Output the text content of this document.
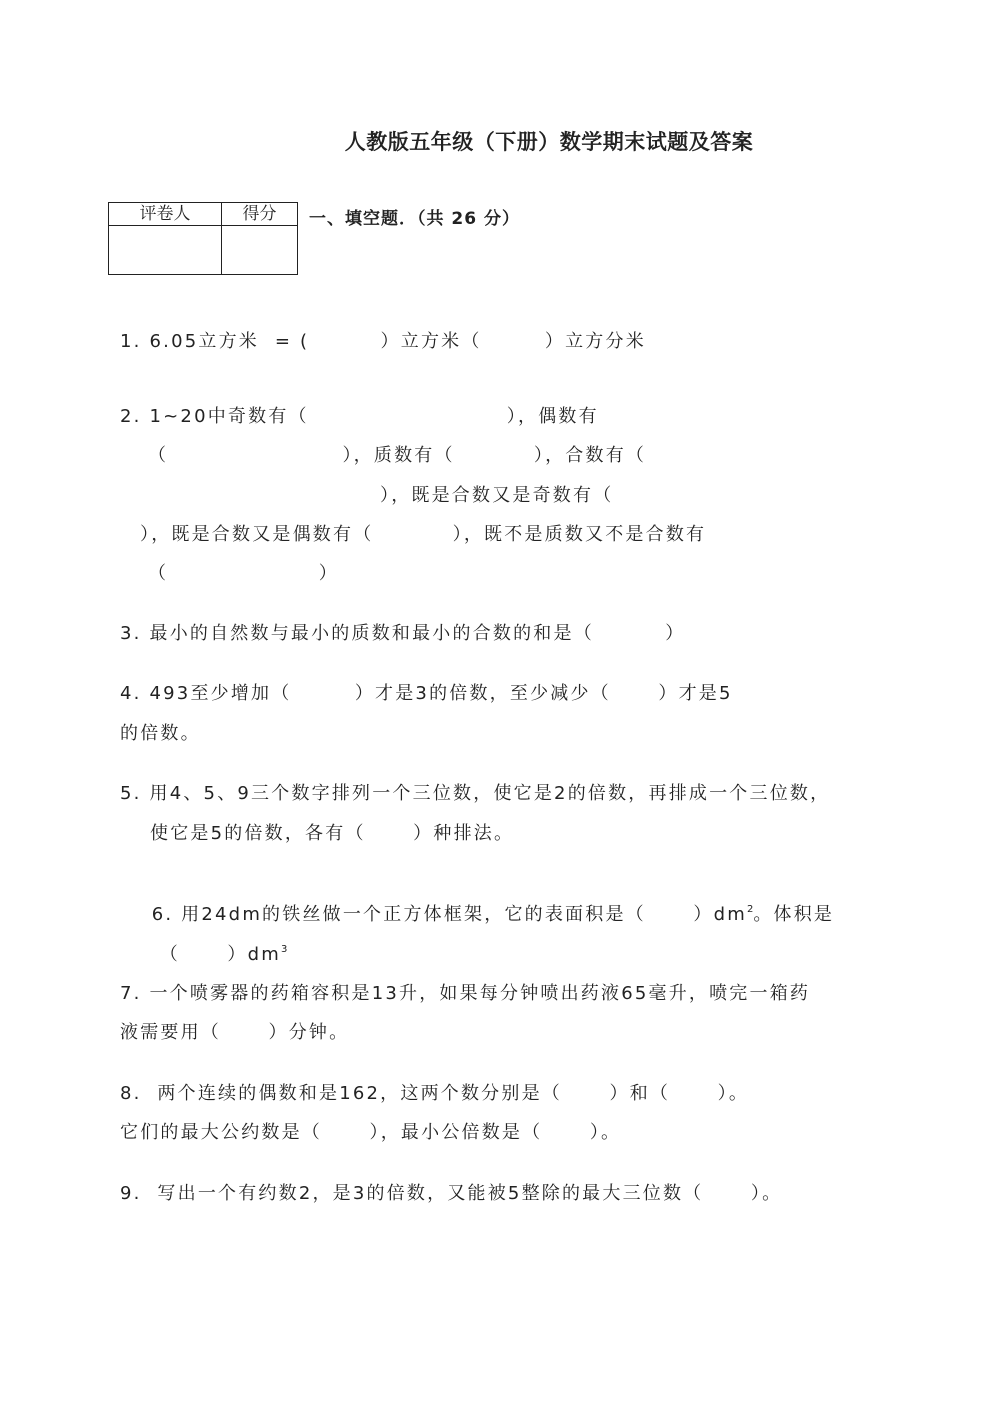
人教版五年级（下册）数学期末试题及答案
评卷人	得分
	一、填空题．（共 26 分）
1. 6.05立方米  = (         ）立方米（        ）立方分米
2. 1~20中奇数有（                         ），偶数有
（                      ），质数有（          ），合数有（
），既是合数又是奇数有（
），既是合数又是偶数有（          ），既不是质数又不是合数有
（                   ）
3. 最小的自然数与最小的质数和最小的合数的和是（         ）
4. 493至少增加（        ）才是3的倍数，至少减少（      ）才是5
的倍数。
5. 用4、5、9三个数字排列一个三位数，使它是2的倍数，再排成一个三位数，
使它是5的倍数，各有（      ）种排法。

6. 用24dm的铁丝做一个正方体框架，它的表面积是（      ）$dm^2$。体积是

（      ）$dm^3$

7. 一个喷雾器的药箱容积是13升，如果每分钟喷出药液65毫升，喷完一箱药
液需要用（      ）分钟。
8.  两个连续的偶数和是162，这两个数分别是（      ）和（      ）。
它们的最大公约数是（      ），最小公倍数是（      ）。
9.  写出一个有约数2，是3的倍数，又能被5整除的最大三位数（      ）。
